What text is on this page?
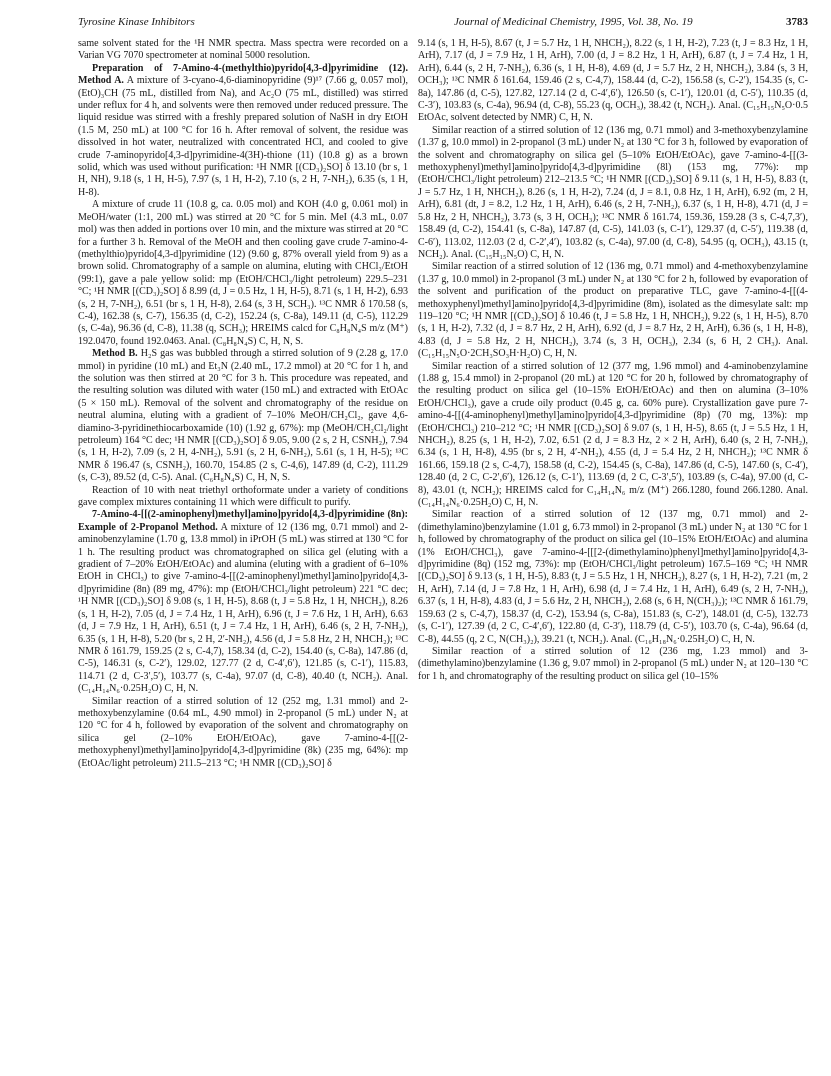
Tyrosine Kinase Inhibitors	Journal of Medicinal Chemistry, 1995, Vol. 38, No. 19	3783

same solvent stated for the ¹H NMR spectra. Mass spectra were recorded on a Varian VG 7070 spectrometer at nominal 5000 resolution.

Preparation of 7-Amino-4-(methylthio)pyrido[4,3-d]pyrimidine (12). Method A. A mixture of 3-cyano-4,6-diaminopyridine (9)¹⁷ (7.66 g, 0.057 mol), (EtO)₃CH (75 mL, distilled from Na), and Ac₂O (75 mL, distilled) was stirred under reflux for 4 h, and solvents were then removed under reduced pressure. The liquid residue was stirred with a freshly prepared solution of NaSH in dry EtOH (1.5 M, 250 mL) at 100 °C for 16 h. After removal of solvent, the residue was dissolved in hot water, neutralized with concentrated HCl, and cooled to give crude 7-aminopyrido[4,3-d]pyrimidine-4(3H)-thione (11) (10.8 g) as a brown solid, which was used without purification: ¹H NMR [(CD₃)₂SO] δ 13.10 (br s, 1 H, NH), 9.18 (s, 1 H, H-5), 7.97 (s, 1 H, H-2), 7.10 (s, 2 H, 7-NH₂), 6.35 (s, 1 H, H-8).

A mixture of crude 11 (10.8 g, ca. 0.05 mol) and KOH (4.0 g, 0.061 mol) in MeOH/water (1:1, 200 mL) was stirred at 20 °C for 5 min. MeI (4.3 mL, 0.07 mol) was then added in portions over 10 min, and the mixture was stirred at 20 °C for a further 3 h. Removal of the MeOH and then cooling gave crude 7-amino-4-(methylthio)pyrido[4,3-d]pyrimidine (12) (9.60 g, 87% overall yield from 9) as a brown solid. Chromatography of a sample on alumina, eluting with CHCl₃/EtOH (99:1), gave a pale yellow solid: mp (EtOH/CHCl₃/light petroleum) 229.5–231 °C; ¹H NMR [(CD₃)₂SO] δ 8.99 (d, J = 0.5 Hz, 1 H, H-5), 8.71 (s, 1 H, H-2), 6.93 (s, 2 H, 7-NH₂), 6.51 (br s, 1 H, H-8), 2.64 (s, 3 H, SCH₃). ¹³C NMR δ 170.58 (s, C-4), 162.38 (s, C-7), 156.35 (d, C-2), 152.24 (s, C-8a), 149.11 (d, C-5), 112.29 (s, C-4a), 96.36 (d, C-8), 11.38 (q, SCH₃); HREIMS calcd for C₈H₈N₄S m/z (M⁺) 192.0470, found 192.0463. Anal. (C₈H₈N₄S) C, H, N, S.

Method B. H₂S gas was bubbled through a stirred solution of 9 (2.28 g, 17.0 mmol) in pyridine (10 mL) and Et₃N (2.40 mL, 17.2 mmol) at 20 °C for 1 h, and the solution was then stirred at 20 °C for 3 h. This procedure was repeated, and the resulting solution was diluted with water (150 mL) and extracted with EtOAc (5 × 150 mL). Removal of the solvent and chromatography of the residue on neutral alumina, eluting with a gradient of 7–10% MeOH/CH₂Cl₂, gave 4,6-diamino-3-pyridinethiocarboxamide (10) (1.92 g, 67%): mp (MeOH/CH₂Cl₂/light petroleum) 164 °C dec; ¹H NMR [(CD₃)₂SO] δ 9.05, 9.00 (2 s, 2 H, CSNH₂), 7.94 (s, 1 H, H-2), 7.09 (s, 2 H, 4-NH₂), 5.91 (s, 2 H, 6-NH₂), 5.61 (s, 1 H, H-5); ¹³C NMR δ 196.47 (s, CSNH₂), 160.70, 154.85 (2 s, C-4,6), 147.89 (d, C-2), 111.29 (s, C-3), 89.52 (d, C-5). Anal. (C₆H₈N₄S) C, H, N, S.

Reaction of 10 with neat triethyl orthoformate under a variety of conditions gave complex mixtures containing 11 which were difficult to purify.

7-Amino-4-[[(2-aminophenyl)methyl]amino]pyrido[4,3-d]pyrimidine (8n): Example of 2-Propanol Method. A mixture of 12 (136 mg, 0.71 mmol) and 2-aminobenzylamine (1.70 g, 13.8 mmol) in iPrOH (5 mL) was stirred at 130 °C for 1 h. The resulting product was chromatographed on silica gel (eluting with a gradient of 7–20% EtOH/EtOAc) and alumina (eluting with a gradient of 6–10% EtOH in CHCl₃) to give 7-amino-4-[[(2-aminophenyl)methyl]amino]pyrido[4,3-d]pyrimidine (8n) (89 mg, 47%): mp (EtOH/CHCl₃/light petroleum) 221 °C dec; ¹H NMR [(CD₃)₂SO] δ 9.08 (s, 1 H, H-5), 8.68 (t, J = 5.8 Hz, 1 H, NHCH₂), 8.26 (s, 1 H, H-2), 7.05 (d, J = 7.4 Hz, 1 H, ArH), 6.96 (t, J = 7.6 Hz, 1 H, ArH), 6.63 (d, J = 7.9 Hz, 1 H, ArH), 6.51 (t, J = 7.4 Hz, 1 H, ArH), 6.46 (s, 2 H, 7-NH₂), 6.35 (s, 1 H, H-8), 5.20 (br s, 2 H, 2′-NH₂), 4.56 (d, J = 5.8 Hz, 2 H, NHCH₂); ¹³C NMR δ 161.79, 159.25 (2 s, C-4,7), 158.34 (d, C-2), 154.40 (s, C-8a), 147.86 (d, C-5), 146.31 (s, C-2′), 129.02, 127.77 (2 d, C-4′,6′), 121.85 (s, C-1′), 115.83, 114.71 (2 d, C-3′,5′), 103.77 (s, C-4a), 97.07 (d, C-8), 40.40 (t, NCH₂). Anal. (C₁₄H₁₄N₆·0.25H₂O) C, H, N.

Similar reaction of a stirred solution of 12 (252 mg, 1.31 mmol) and 2-methoxybenzylamine (0.64 mL, 4.90 mmol) in 2-propanol (5 mL) under N₂ at 120 °C for 4 h, followed by evaporation of the solvent and chromatography on silica gel (2–10% EtOH/EtOAc), gave 7-amino-4-[[(2-methoxyphenyl)methyl]amino]pyrido[4,3-d]pyrimidine (8k) (235 mg, 64%): mp (EtOAc/light petroleum) 211.5–213 °C; ¹H NMR [(CD₃)₂SO] δ

9.14 (s, 1 H, H-5), 8.67 (t, J = 5.7 Hz, 1 H, NHCH₂), 8.22 (s, 1 H, H-2), 7.23 (t, J = 8.3 Hz, 1 H, ArH), 7.17 (d, J = 7.9 Hz, 1 H, ArH), 7.00 (d, J = 8.2 Hz, 1 H, ArH), 6.87 (t, J = 7.4 Hz, 1 H, ArH), 6.44 (s, 2 H, 7-NH₂), 6.36 (s, 1 H, H-8), 4.69 (d, J = 5.7 Hz, 2 H, NHCH₂), 3.84 (s, 3 H, OCH₃); ¹³C NMR δ 161.64, 159.46 (2 s, C-4,7), 158.44 (d, C-2), 156.58 (s, C-2′), 154.35 (s, C-8a), 147.86 (d, C-5), 127.82, 127.14 (2 d, C-4′,6′), 126.50 (s, C-1′), 120.01 (d, C-5′), 110.35 (d, C-3′), 103.83 (s, C-4a), 96.94 (d, C-8), 55.23 (q, OCH₃), 38.42 (t, NCH₂). Anal. (C₁₅H₁₅N₅O·0.5 EtOAc, solvent detected by NMR) C, H, N.

Similar reaction of a stirred solution of 12 (136 mg, 0.71 mmol) and 3-methoxybenzylamine (1.37 g, 10.0 mmol) in 2-propanol (3 mL) under N₂ at 130 °C for 3 h, followed by evaporation of the solvent and chromatography on silica gel (5–10% EtOH/EtOAc), gave 7-amino-4-[[(3-methoxyphenyl)methyl]amino]pyrido[4,3-d]pyrimidine (8l) (153 mg, 77%): mp (EtOH/CHCl₃/light petroleum) 212–213.5 °C; ¹H NMR [(CD₃)₂SO] δ 9.11 (s, 1 H, H-5), 8.83 (t, J = 5.7 Hz, 1 H, NHCH₂), 8.26 (s, 1 H, H-2), 7.24 (d, J = 8.1, 0.8 Hz, 1 H, ArH), 6.92 (m, 2 H, ArH), 6.81 (dt, J = 8.2, 1.2 Hz, 1 H, ArH), 6.46 (s, 2 H, 7-NH₂), 6.37 (s, 1 H, H-8), 4.71 (d, J = 5.8 Hz, 2 H, NHCH₂), 3.73 (s, 3 H, OCH₃); ¹³C NMR δ 161.74, 159.36, 159.28 (3 s, C-4,7,3′), 158.49 (d, C-2), 154.41 (s, C-8a), 147.87 (d, C-5), 141.03 (s, C-1′), 129.37 (d, C-5′), 119.38 (d, C-6′), 113.02, 112.03 (2 d, C-2′,4′), 103.82 (s, C-4a), 97.00 (d, C-8), 54.95 (q, OCH₃), 43.15 (t, NCH₂). Anal. (C₁₅H₁₅N₅O) C, H, N.

Similar reaction of a stirred solution of 12 (136 mg, 0.71 mmol) and 4-methoxybenzylamine (1.37 g, 10.0 mmol) in 2-propanol (3 mL) under N₂ at 130 °C for 2 h, followed by evaporation of the solvent and purification of the product on preparative TLC, gave 7-amino-4-[[(4-methoxyphenyl)methyl]amino]pyrido[4,3-d]pyrimidine (8m), isolated as the dimesylate salt: mp 119–120 °C; ¹H NMR [(CD₃)₂SO] δ 10.46 (t, J = 5.8 Hz, 1 H, NHCH₂), 9.22 (s, 1 H, H-5), 8.70 (s, 1 H, H-2), 7.32 (d, J = 8.7 Hz, 2 H, ArH), 6.92 (d, J = 8.7 Hz, 2 H, ArH), 6.36 (s, 1 H, H-8), 4.83 (d, J = 5.8 Hz, 2 H, NHCH₂), 3.74 (s, 3 H, OCH₃), 2.34 (s, 6 H, 2 CH₃). Anal. (C₁₅H₁₅N₅O·2CH₃SO₃H·H₂O) C, H, N.

Similar reaction of a stirred solution of 12 (377 mg, 1.96 mmol) and 4-aminobenzylamine (1.88 g, 15.4 mmol) in 2-propanol (20 mL) at 120 °C for 20 h, followed by chromatography of the resulting product on silica gel (10–15% EtOH/EtOAc) and then on alumina (3–10% EtOH/CHCl₃), gave a crude oily product (0.45 g, ca. 60% pure). Crystallization gave pure 7-amino-4-[[(4-aminophenyl)methyl]amino]pyrido[4,3-d]pyrimidine (8p) (70 mg, 13%): mp (EtOH/CHCl₃) 210–212 °C; ¹H NMR [(CD₃)₂SO] δ 9.07 (s, 1 H, H-5), 8.65 (t, J = 5.5 Hz, 1 H, NHCH₂), 8.25 (s, 1 H, H-2), 7.02, 6.51 (2 d, J = 8.3 Hz, 2 × 2 H, ArH), 6.40 (s, 2 H, 7-NH₂), 6.34 (s, 1 H, H-8), 4.95 (br s, 2 H, 4′-NH₂), 4.55 (d, J = 5.4 Hz, 2 H, NHCH₂); ¹³C NMR δ 161.66, 159.18 (2 s, C-4,7), 158.58 (d, C-2), 154.45 (s, C-8a), 147.86 (d, C-5), 147.60 (s, C-4′), 128.40 (d, 2 C, C-2′,6′), 126.12 (s, C-1′), 113.69 (d, 2 C, C-3′,5′), 103.89 (s, C-4a), 97.00 (d, C-8), 43.01 (t, NCH₂); HREIMS calcd for C₁₄H₁₄N₆ m/z (M⁺) 266.1280, found 266.1280. Anal. (C₁₄H₁₄N₆·0.25H₂O) C, H, N.

Similar reaction of a stirred solution of 12 (137 mg, 0.71 mmol) and 2-(dimethylamino)benzylamine (1.01 g, 6.73 mmol) in 2-propanol (3 mL) under N₂ at 130 °C for 1 h, followed by chromatography of the product on silica gel (10–15% EtOH/EtOAc) and alumina (1% EtOH/CHCl₃), gave 7-amino-4-[[[2-(dimethylamino)phenyl]methyl]amino]pyrido[4,3-d]pyrimidine (8q) (152 mg, 73%): mp (EtOH/CHCl₃/light petroleum) 167.5–169 °C; ¹H NMR [(CD₃)₂SO] δ 9.13 (s, 1 H, H-5), 8.83 (t, J = 5.5 Hz, 1 H, NHCH₂), 8.27 (s, 1 H, H-2), 7.21 (m, 2 H, ArH), 7.14 (d, J = 7.8 Hz, 1 H, ArH), 6.98 (d, J = 7.4 Hz, 1 H, ArH), 6.49 (s, 2 H, 7-NH₂), 6.37 (s, 1 H, H-8), 4.83 (d, J = 5.6 Hz, 2 H, NHCH₂), 2.68 (s, 6 H, N(CH₃)₂); ¹³C NMR δ 161.79, 159.63 (2 s, C-4,7), 158.37 (d, C-2), 153.94 (s, C-8a), 151.83 (s, C-2′), 148.01 (d, C-5), 132.73 (s, C-1′), 127.39 (d, 2 C, C-4′,6′), 122.80 (d, C-3′), 118.79 (d, C-5′), 103.70 (s, C-4a), 96.64 (d, C-8), 44.55 (q, 2 C, N(CH₃)₂), 39.21 (t, NCH₂). Anal. (C₁₆H₁₈N₆·0.25H₂O) C, H, N.

Similar reaction of a stirred solution of 12 (236 mg, 1.23 mmol) and 3-(dimethylamino)benzylamine (1.36 g, 9.07 mmol) in 2-propanol (5 mL) under N₂ at 120–130 °C for 1 h, and chromatography of the resulting product on silica gel (10–15%
